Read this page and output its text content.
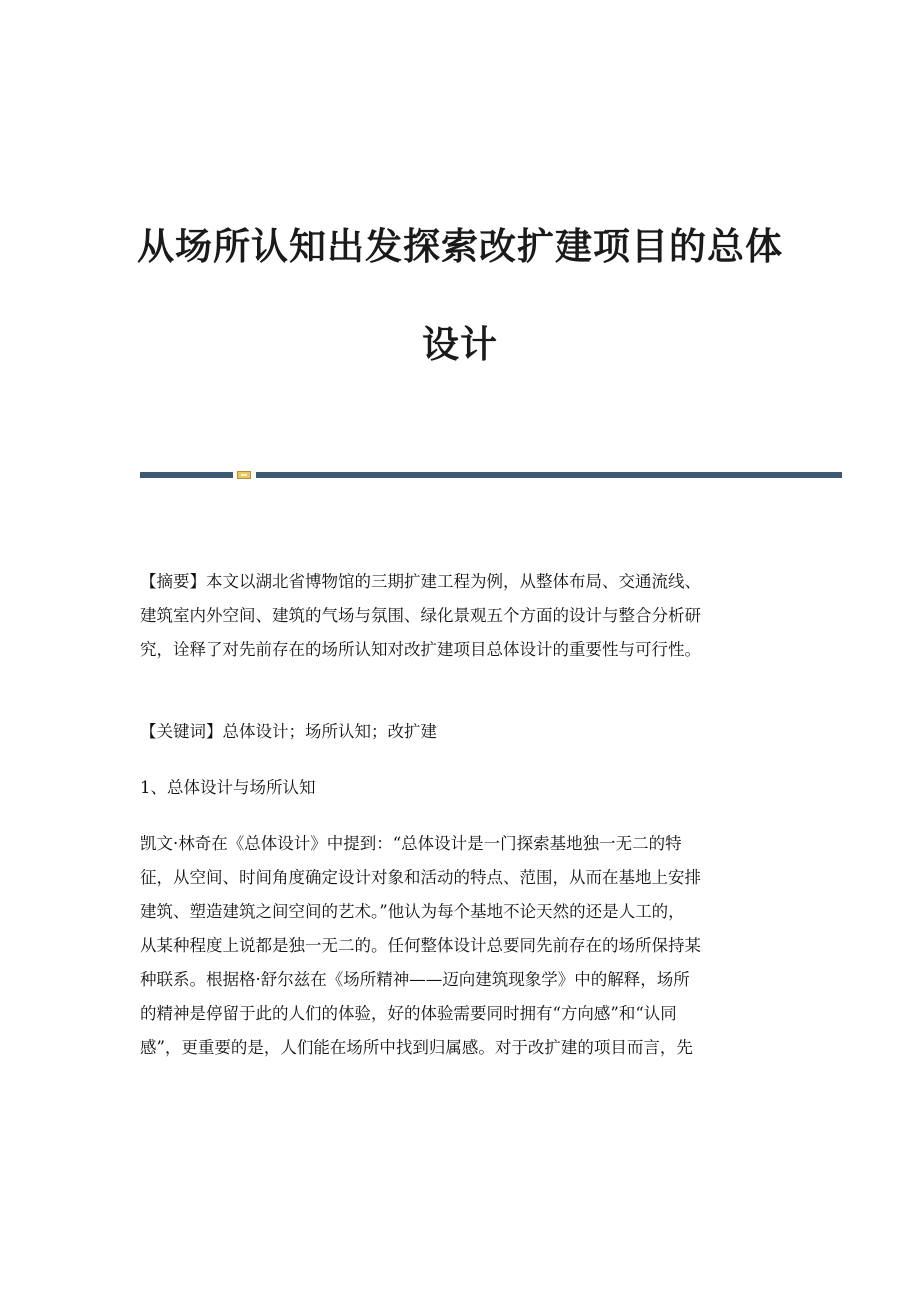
从场所认知出发探索改扩建项目的总体
设计
【摘要】本文以湖北省博物馆的三期扩建工程为例，从整体布局、交通流线、
建筑室内外空间、建筑的气场与氛围、绿化景观五个方面的设计与整合分析研
究，诠释了对先前存在的场所认知对改扩建项目总体设计的重要性与可行性。
【关键词】总体设计；场所认知；改扩建
1、总体设计与场所认知
凯文·林奇在《总体设计》中提到：“总体设计是一门探索基地独一无二的特
征，从空间、时间角度确定设计对象和活动的特点、范围，从而在基地上安排
建筑、塑造建筑之间空间的艺术。”他认为每个基地不论天然的还是人工的，
从某种程度上说都是独一无二的。任何整体设计总要同先前存在的场所保持某
种联系。根据格·舒尔兹在《场所精神——迈向建筑现象学》中的解释，场所
的精神是停留于此的人们的体验，好的体验需要同时拥有“方向感”和“认同
感”，更重要的是，人们能在场所中找到归属感。对于改扩建的项目而言，先
